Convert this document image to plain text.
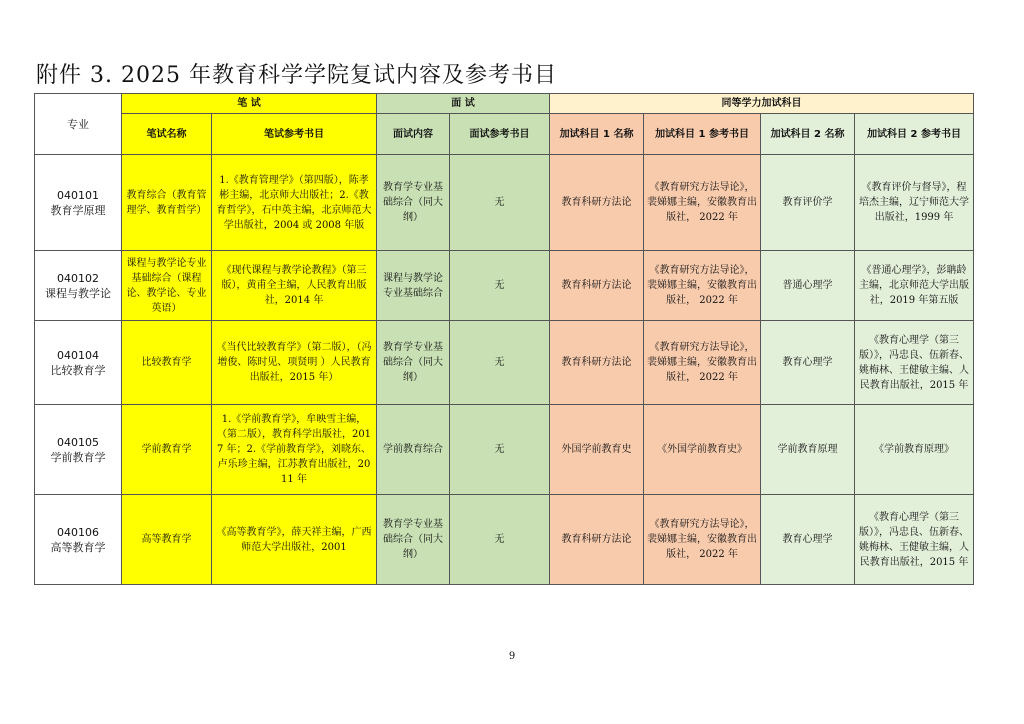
附件 3. 2025 年教育科学学院复试内容及参考书目
专业	笔 试		面 试		同等学力加试科目			
	笔试名称	笔试参考书目	面试内容	面试参考书目	加试科目 1 名称	加试科目 1 参考书目	加试科目 2 名称	加试科目 2 参考书目

040101
教育学原理	教育综合（教育管理学、教育哲学）	1.《教育管理学》（第四版），陈孝彬主编，北京师大出版社；2.《教育哲学》，石中英主编，北京师范大学出版社，2004 或 2008 年版	教育学专业基础综合（同大纲）	无	教育科研方法论	《教育研究方法导论》，裴娣娜主编，安徽教育出版社， 2022 年	教育评价学	《教育评价与督导》，程培杰主编，辽宁师范大学出版社，1999 年

040102
课程与教学论	课程与教学论专业基础综合（课程论、教学论、专业英语）	《现代课程与教学论教程》（第三版），黄甫全主编，人民教育出版社，2014 年	课程与教学论专业基础综合	无	教育科研方法论	《教育研究方法导论》，裴娣娜主编，安徽教育出版社， 2022 年	普通心理学	《普通心理学》，彭聃龄主编，北京师范大学出版社，2019 年第五版

040104
比较教育学	比较教育学	《当代比较教育学》（第二版），（冯增俊、陈时见、项贤明 ）人民教育出版社，2015 年）	教育学专业基础综合（同大纲）	无	教育科研方法论	《教育研究方法导论》，裴娣娜主编，安徽教育出版社， 2022 年	教育心理学	《教育心理学（第三版）》，冯忠良、伍新春、姚梅林、王健敏主编、人民教育出版社，2015 年

040105
学前教育学	学前教育学	1.《学前教育学》，牟映雪主编，（第二版），教育科学出版社，2017 年；2.《学前教育学》，刘晓东、卢乐珍主编，江苏教育出版社，2011 年	学前教育综合	无	外国学前教育史	《外国学前教育史》	学前教育原理	《学前教育原理》

040106
高等教育学	高等教育学	《高等教育学》，薛天祥主编，广西师范大学出版社，2001	教育学专业基础综合（同大纲）	无	教育科研方法论	《教育研究方法导论》，裴娣娜主编，安徽教育出版社， 2022 年	教育心理学	《教育心理学（第三版）》，冯忠良、伍新春、姚梅林、王健敏主编，人民教育出版社，2015 年
9
